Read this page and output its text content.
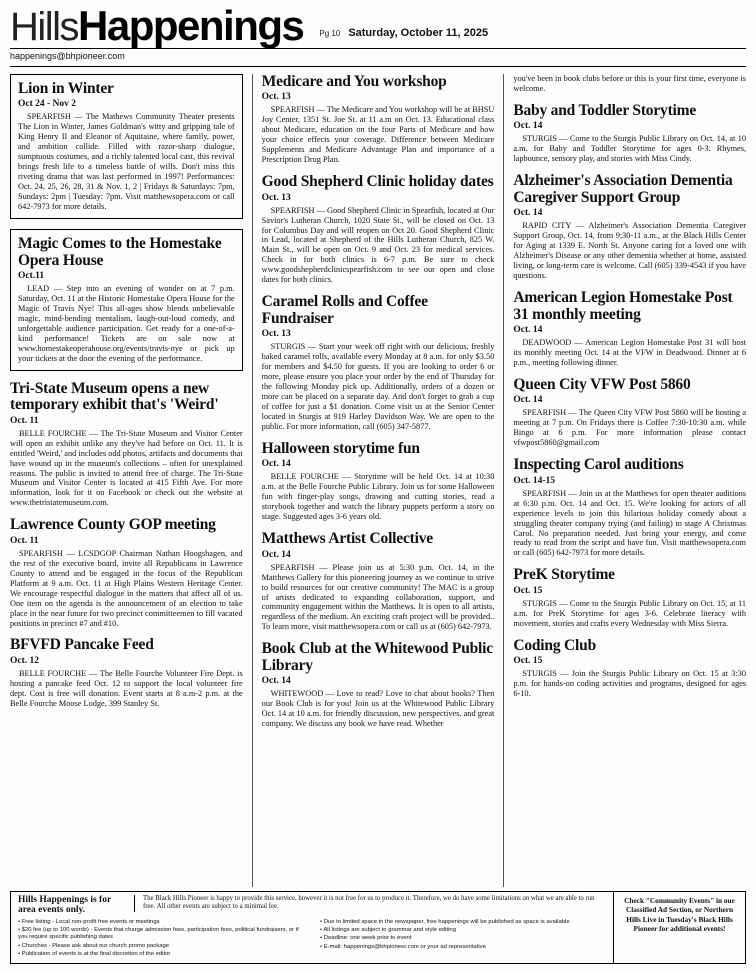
HillsHappenings Pg 10 Saturday, October 11, 2025
happenings@bhpioneer.com
Lion in Winter
Oct 24 - Nov 2

SPEARFISH — The Mathews Community Theater presents The Lion in Winter, James Goldman's witty and gripping tale of King Henry II and Eleanor of Aquitaine, where family, power, and ambition collide. Filled with razor-sharp dialogue, sumptuous costumes, and a richly talented local cast, this revival brings fresh life to a timeless battle of wills. Don't miss this riveting drama that was last performed in 1997! Performances: Oct. 24, 25, 26, 28, 31 & Nov. 1, 2 | Fridays & Saturdays: 7pm, Sundays: 2pm | Tuesday: 7pm. Visit matthewsopera.com or call 642-7973 for more details.

Magic Comes to the Homestake Opera House
Oct.11

LEAD — Step into an evening of wonder on at 7 p.m. Saturday, Oct. 11 at the Historic Homestake Opera House for the Magic of Travis Nye! This all-ages show blends unbelievable magic, mind-bending mentalism, laugh-out-loud comedy, and unforgettable audience participation. Get ready for a one-of-a-kind performance! Tickets are on sale now at www.homestakeoperahouse.org/events/travis-nye or pick up your tickets at the door the evening of the performance.

Tri-State Museum opens a new temporary exhibit that's 'Weird'
Oct. 11

BELLE FOURCHE — The Tri-State Museum and Visitor Center will open an exhibit unlike any they've had before on Oct. 11. It is entitled 'Weird,' and includes odd photos, artifacts and documents that have wound up in the museum's collections – often for unexplained reasons. The public is invited to attend free of charge. The Tri-State Museum and Visitor Center is located at 415 Fifth Ave. For more information, look for it on Facebook or check out the website at www.thetristatemuseum.com.

Lawrence County GOP meeting
Oct. 11

SPEARFISH — LCSDGOP Chairman Nathan Hoogshagen, and the rest of the executive board, invite all Republicans in Lawrence County to attend and be engaged in the focus of the Republican Platform at 9 a.m. Oct. 11 at High Plains Western Heritage Center. We encourage respectful dialogue in the matters that affect all of us. One item on the agenda is the announcement of an election to take place in the near future for two precinct committeemen to fill vacated positions in precinct #7 and #10.

BFVFD Pancake Feed
Oct. 12

BELLE FOURCHE — The Belle Fourche Volunteer Fire Dept. is hosting a pancake feed Oct. 12 to support the local volunteer fire dept. Cost is free will donation. Event starts at 8 a.m-2 p.m. at the Belle Fourche Moose Lodge, 399 Stanley St.

Medicare and You workshop
Oct. 13

SPEARFISH — The Medicare and You workshop will be at BHSU Joy Center, 1351 St. Joe St. at 11 a.m on Oct. 13. Educational class about Medicare, education on the four Parts of Medicare and how your choice effects your coverage. Difference between Medicare Supplements and Medicare Advantage Plan and importance of a Prescription Drug Plan.

Good Shepherd Clinic holiday dates
Oct. 13

SPEARFISH — Good Shepherd Clinic in Spearfish, located at Our Savior's Lutheran Church, 1020 State St., will be closed on Oct. 13 for Columbus Day and will reopen on Oct 20. Good Shepherd Clinic in Lead, located at Shepherd of the Hills Lutheran Church, 825 W. Main St., will be open on Oct. 9 and Oct. 23 for medical services. Check in for both clinics is 6-7 p.m. Be sure to check www.goodshepherdclinicspearfish.com to see our open and close dates for both clinics.

Caramel Rolls and Coffee Fundraiser
Oct. 13

STURGIS — Start your week off right with our delicious, freshly baked caramel rolls, available every Monday at 8 a.m. for only $3.50 for members and $4.50 for guests. If you are looking to order 6 or more, please ensure you place your order by the end of Thursday for the following Monday pick up. Additionally, orders of a dozen or more can be placed on a separate day. And don't forget to grab a cup of coffee for just a $1 donation. Come visit us at the Senior Center located in Sturgis at 919 Harley Davidson Way. We are open to the public. For more information, call (605) 347-5877.

Halloween storytime fun
Oct. 14

BELLE FOURCHE — Storytime will be held Oct. 14 at 10:30 a.m. at the Belle Fourche Public Library. Join us for some Halloween fun with finger-play songs, drawing and cutting stories, read a storybook together and watch the library puppets perform a story on stage. Suggested ages 3-6 years old.

Matthews Artist Collective
Oct. 14

SPEARFISH — Please join us at 5:30 p.m. Oct. 14, in the Matthews Gallery for this pioneering journey as we continue to strive to build resources for our creative community! The MAC is a group of artists dedicated to expanding collaboration, support, and community engagement within the Matthews. It is open to all artists, regardless of the medium. An exciting craft project will be provided.. To learn more, visit matthewsopera.com or call us at (605) 642-7973.

Book Club at the Whitewood Public Library
Oct. 14

WHITEWOOD — Love to read? Love to chat about books? Then our Book Club is for you! Join us at the Whitewood Public Library Oct. 14 at 10 a.m. for friendly discussion, new perspectives, and great company. We discuss any book we have read. Whether

you've been in book clubs before or this is your first time, everyone is welcome.

Baby and Toddler Storytime
Oct. 14

STURGIS — Come to the Sturgis Public Library on Oct. 14, at 10 a.m. for Baby and Toddler Storytime for ages 0-3. Rhymes, lapbounce, sensory play, and stories with Miss Cindy.

Alzheimer's Association Dementia Caregiver Support Group
Oct. 14

RAPID CITY — Alzheimer's Association Dementia Caregiver Support Group, Oct. 14, from 9:30-11 a.m., at the Black Hills Center for Aging at 1339 E. North St. Anyone caring for a loved one with Alzheimer's Disease or any other dementia whether at home, assisted living, or long-term care is welcome. Call (605) 339-4543 if you have questions.

American Legion Homestake Post 31 monthly meeting
Oct. 14

DEADWOOD — American Legion Homestake Post 31 will host its monthly meeting Oct. 14 at the VFW in Deadwood. Dinner at 6 p.m., meeting following dinner.

Queen City VFW Post 5860
Oct. 14

SPEARFISH — The Queen City VFW Post 5860 will be hosting a meeting at 7 p.m. On Fridays there is Coffee 7:30-10:30 a.m. while Bingo at 6 p.m. For more information please contact vfwpost5860@gmail.com

Inspecting Carol auditions
Oct. 14-15

SPEARFISH — Join us at the Matthews for open theater auditions at 6:30 p.m. Oct. 14 and Oct. 15. We're looking for actors of all experience levels to join this hilarious holiday comedy about a struggling theater company trying (and failing) to stage A Christmas Carol. No preparation needed. Just bring your energy, and come ready to read from the script and have fun. Visit matthewsopera.com or call (605) 642-7973 for more details.

PreK Storytime
Oct. 15

STURGIS — Come to the Sturgis Public Library on Oct. 15, at 11 a.m. for PreK Storytime for ages 3-6. Celebrate literacy with movement, stories and crafts every Wednesday with Miss Sierra.

Coding Club
Oct. 15

STURGIS — Join the Sturgis Public Library on Oct. 15 at 3:30 p.m. for hands-on coding activities and programs, designed for ages 6-10.

Hills Happenings is for area events only.
The Black Hills Pioneer is happy to provide this service, however it is not free for us to produce it. Therefore, we do have some limitations on what we are able to run free. All other events are subject to a minimal fee.
• Free listing - Local non-profit free events or meetings
• $20 fee (up to 100 words) - Events that charge admission fees, participation fees, political fundraisers, or if you require specific publishing dates
• Churches - Please ask about our church promo package
• Publication of events is at the final discretion of the editor
• Due to limited space in the newspaper, free happenings will be published as space is available
• All listings are subject to grammar and style editing
• Deadline: one week prior to event
• E-mail: happenings@bhpioneer.com or your ad representative
Check "Community Events" in our Classified Ad Section, or Northern Hills Live in Tuesday's Black Hills Pioneer for additional events!
